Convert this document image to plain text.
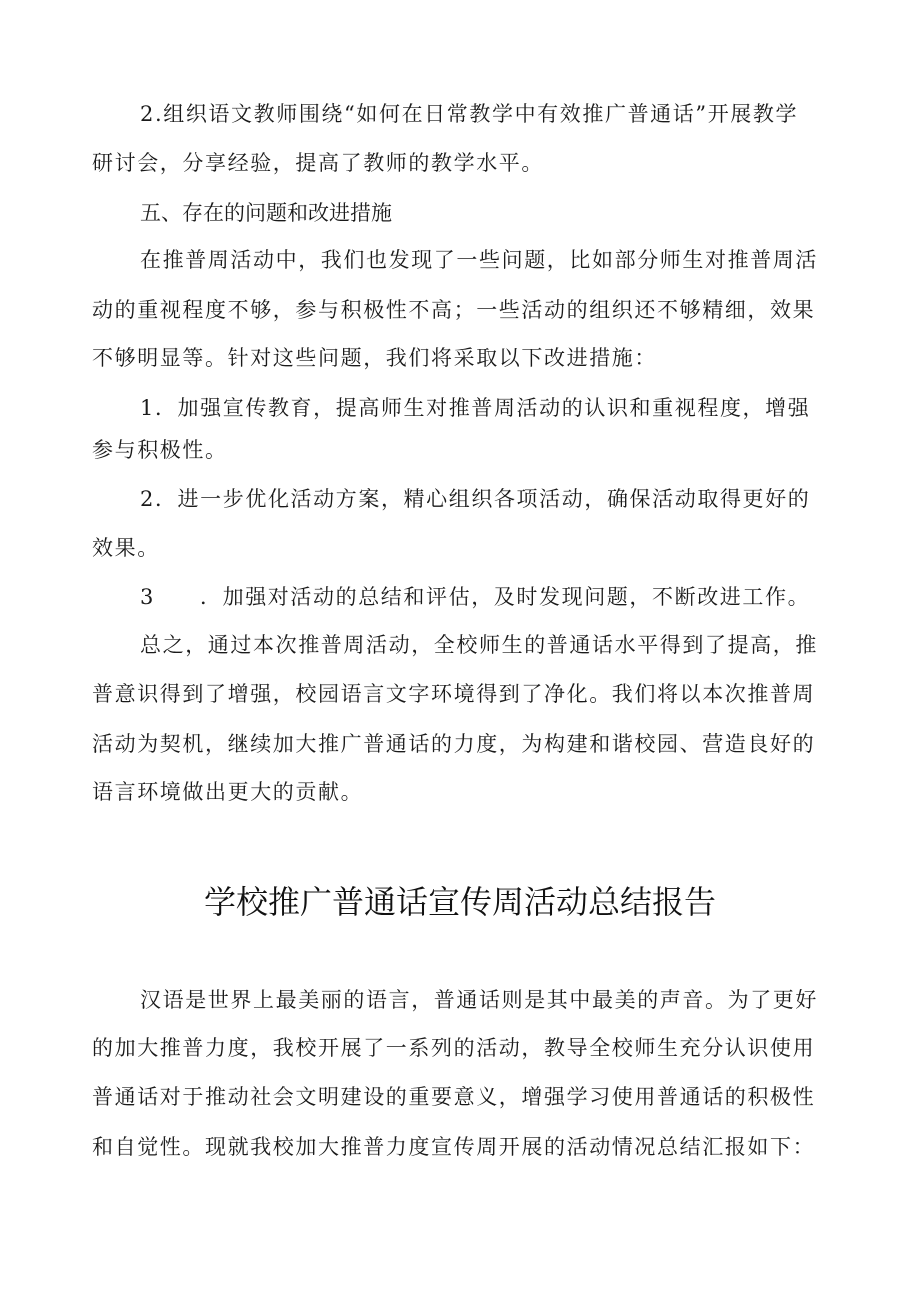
2.组织语文教师围绕“如何在日常教学中有效推广普通话”开展教学
研讨会，分享经验，提高了教师的教学水平。
五、存在的问题和改进措施
在推普周活动中，我们也发现了一些问题，比如部分师生对推普周活
动的重视程度不够，参与积极性不高；一些活动的组织还不够精细，效果
不够明显等。针对这些问题，我们将采取以下改进措施：
1．加强宣传教育，提高师生对推普周活动的认识和重视程度，增强
参与积极性。
2．进一步优化活动方案，精心组织各项活动，确保活动取得更好的
效果。
3 ．加强对活动的总结和评估，及时发现问题，不断改进工作。
总之，通过本次推普周活动，全校师生的普通话水平得到了提高，推
普意识得到了增强，校园语言文字环境得到了净化。我们将以本次推普周
活动为契机，继续加大推广普通话的力度，为构建和谐校园、营造良好的
语言环境做出更大的贡献。
学校推广普通话宣传周活动总结报告
汉语是世界上最美丽的语言，普通话则是其中最美的声音。为了更好
的加大推普力度，我校开展了一系列的活动，教导全校师生充分认识使用
普通话对于推动社会文明建设的重要意义，增强学习使用普通话的积极性
和自觉性。现就我校加大推普力度宣传周开展的活动情况总结汇报如下：
